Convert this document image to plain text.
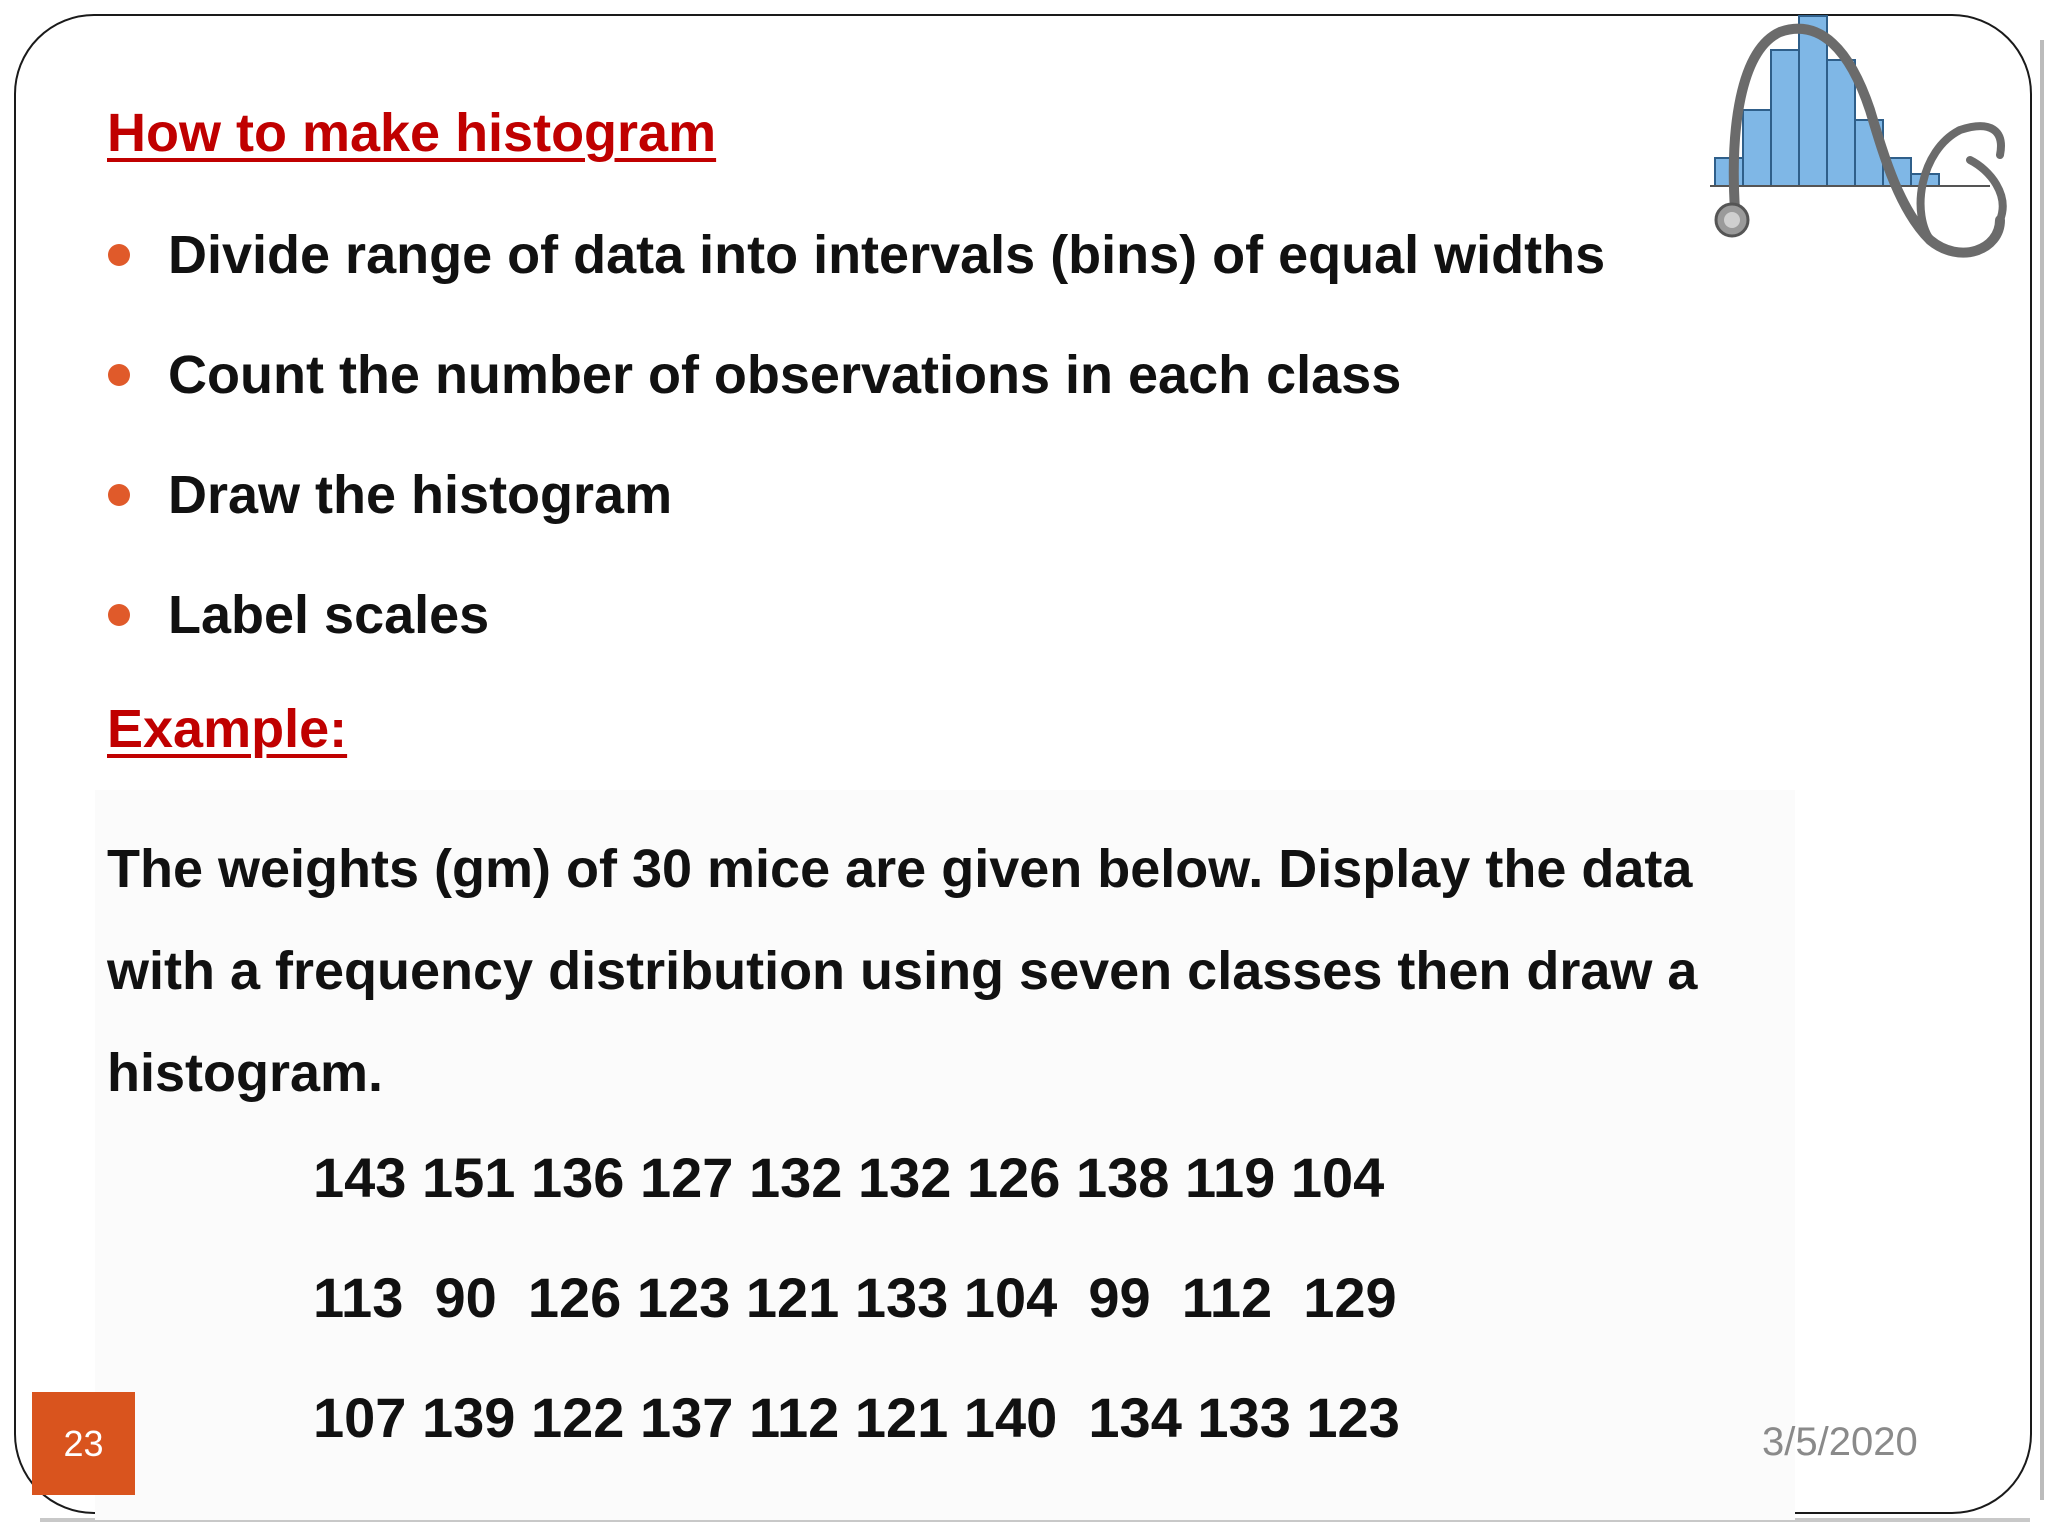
How to make histogram
Divide range of data into intervals (bins) of equal widths
Count the number of observations in each class
Draw the histogram
Label scales
Example:

The weights (gm) of 30 mice are given below. Display the data
with a frequency distribution using seven classes then draw a
histogram.

143 151 136 127 132 132 126 138 119 104
113  90  126 123 121 133 104  99  112  129
107 139 122 137 112 121 140  134 133 123
23	3/5/2020
